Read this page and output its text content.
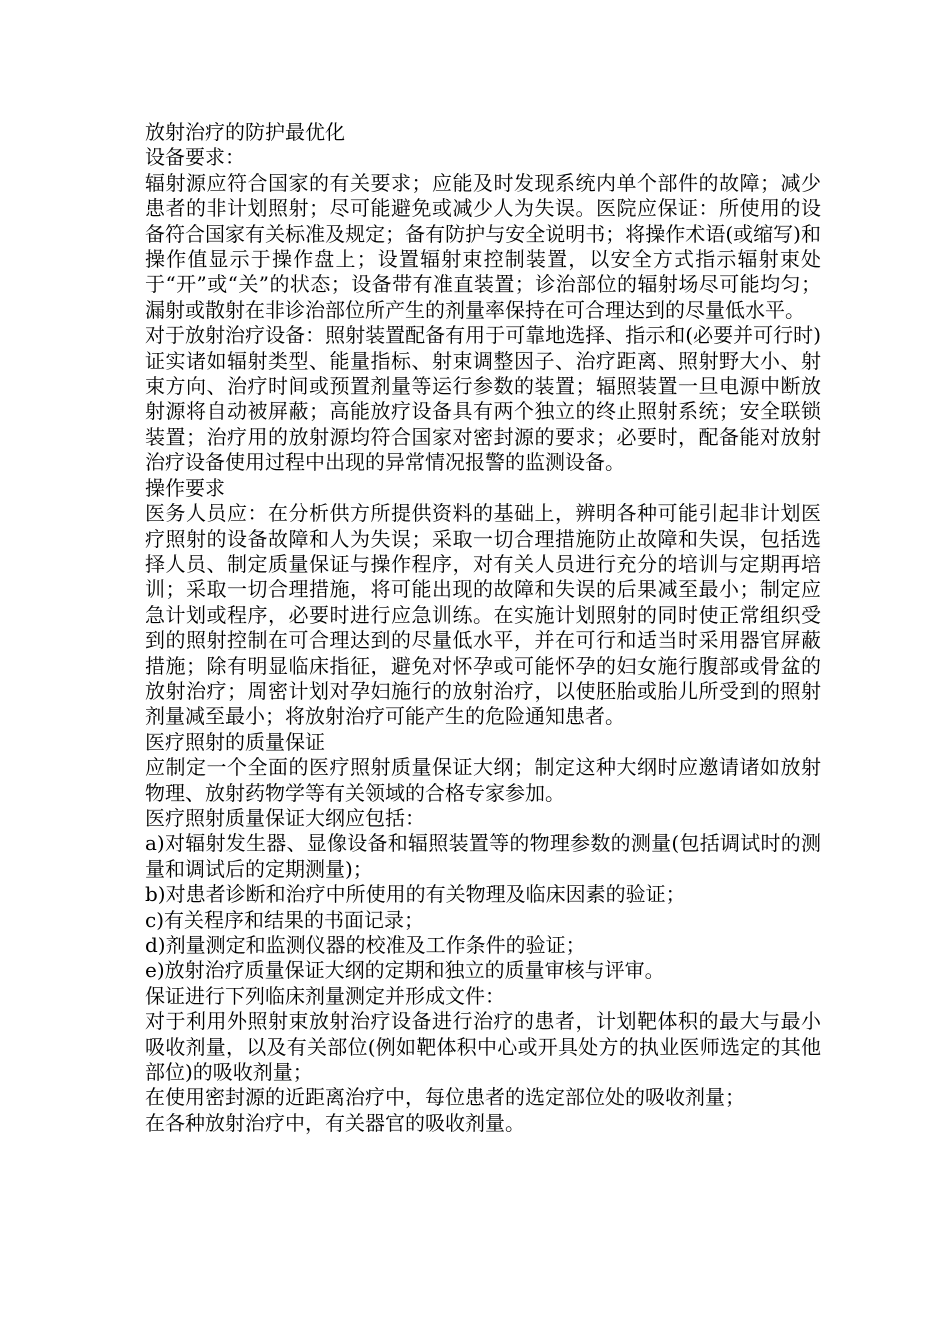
放射治疗的防护最优化

设备要求：

辐射源应符合国家的有关要求；应能及时发现系统内单个部件的故障；减少患者的非计划照射；尽可能避免或减少人为失误。医院应保证：所使用的设备符合国家有关标准及规定；备有防护与安全说明书；将操作术语(或缩写)和操作值显示于操作盘上；设置辐射束控制装置，以安全方式指示辐射束处于“开”或“关”的状态；设备带有准直装置；诊治部位的辐射场尽可能均匀；漏射或散射在非诊治部位所产生的剂量率保持在可合理达到的尽量低水平。

对于放射治疗设备：照射装置配备有用于可靠地选择、指示和(必要并可行时)证实诸如辐射类型、能量指标、射束调整因子、治疗距离、照射野大小、射束方向、治疗时间或预置剂量等运行参数的装置；辐照装置一旦电源中断放射源将自动被屏蔽；高能放疗设备具有两个独立的终止照射系统；安全联锁装置；治疗用的放射源均符合国家对密封源的要求；必要时，配备能对放射治疗设备使用过程中出现的异常情况报警的监测设备。

操作要求

医务人员应：在分析供方所提供资料的基础上，辨明各种可能引起非计划医疗照射的设备故障和人为失误；采取一切合理措施防止故障和失误，包括选择人员、制定质量保证与操作程序，对有关人员进行充分的培训与定期再培训；采取一切合理措施，将可能出现的故障和失误的后果减至最小；制定应急计划或程序，必要时进行应急训练。在实施计划照射的同时使正常组织受到的照射控制在可合理达到的尽量低水平，并在可行和适当时采用器官屏蔽措施；除有明显临床指征，避免对怀孕或可能怀孕的妇女施行腹部或骨盆的放射治疗；周密计划对孕妇施行的放射治疗，以使胚胎或胎儿所受到的照射剂量减至最小；将放射治疗可能产生的危险通知患者。

医疗照射的质量保证

应制定一个全面的医疗照射质量保证大纲；制定这种大纲时应邀请诸如放射物理、放射药物学等有关领域的合格专家参加。

医疗照射质量保证大纲应包括：

a)对辐射发生器、显像设备和辐照装置等的物理参数的测量(包括调试时的测量和调试后的定期测量)；

b)对患者诊断和治疗中所使用的有关物理及临床因素的验证；

c)有关程序和结果的书面记录；

d)剂量测定和监测仪器的校准及工作条件的验证；

e)放射治疗质量保证大纲的定期和独立的质量审核与评审。

保证进行下列临床剂量测定并形成文件：

对于利用外照射束放射治疗设备进行治疗的患者，计划靶体积的最大与最小吸收剂量，以及有关部位(例如靶体积中心或开具处方的执业医师选定的其他部位)的吸收剂量；

在使用密封源的近距离治疗中，每位患者的选定部位处的吸收剂量；

在各种放射治疗中，有关器官的吸收剂量。
